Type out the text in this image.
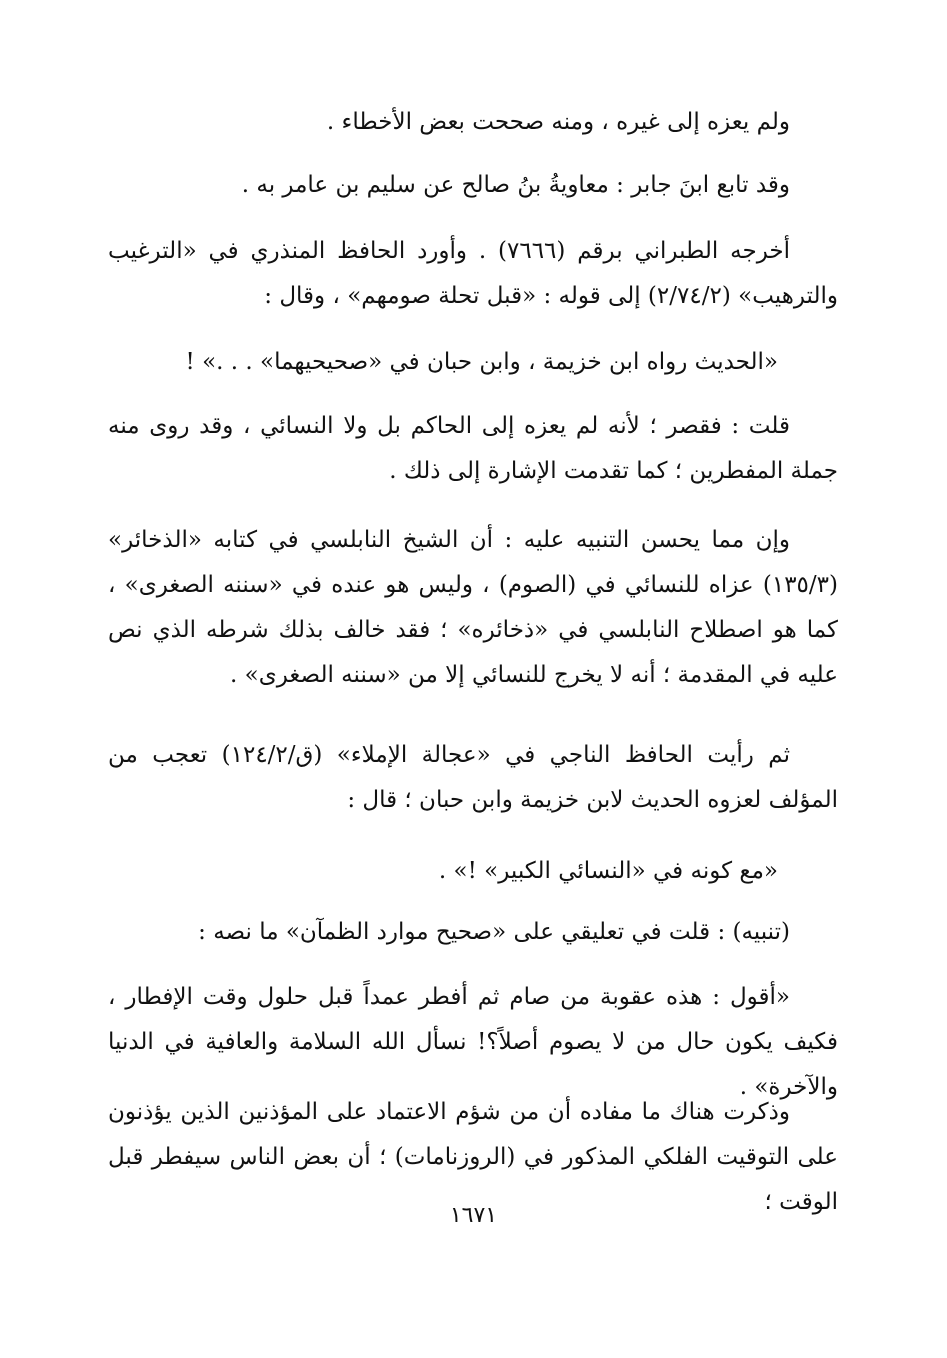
ولم يعزه إلى غيره ، ومنه صححت بعض الأخطاء .

وقد تابع ابنَ جابر : معاويةُ بنُ صالح عن سليم بن عامر به .

أخرجه الطبراني برقم (٧٦٦٦) . وأورد الحافظ المنذري في «الترغيب والترهيب» (٢/٧٤/٢) إلى قوله : «قبل تحلة صومهم» ، وقال :

«الحديث رواه ابن خزيمة ، وابن حبان في «صحيحيهما» . . .» !

قلت : فقصر ؛ لأنه لم يعزه إلى الحاكم بل ولا النسائي ، وقد روى منه جملة المفطرين ؛ كما تقدمت الإشارة إلى ذلك .

وإن مما يحسن التنبيه عليه : أن الشيخ النابلسي في كتابه «الذخائر» (١٣٥/٣) عزاه للنسائي في (الصوم) ، وليس هو عنده في «سننه الصغرى» ، كما هو اصطلاح النابلسي في «ذخائره» ؛ فقد خالف بذلك شرطه الذي نص عليه في المقدمة ؛ أنه لا يخرج للنسائي إلا من «سننه الصغرى» .

ثم رأيت الحافظ الناجي في «عجالة الإملاء» (ق/١٢٤/٢) تعجب من المؤلف لعزوه الحديث لابن خزيمة وابن حبان ؛ قال :

«مع كونه في «النسائي الكبير» !» .

(تنبيه) : قلت في تعليقي على «صحيح موارد الظمآن» ما نصه :

«أقول : هذه عقوبة من صام ثم أفطر عمداً قبل حلول وقت الإفطار ، فكيف يكون حال من لا يصوم أصلاً؟! نسأل الله السلامة والعافية في الدنيا والآخرة» .

وذكرت هناك ما مفاده أن من شؤم الاعتماد على المؤذنين الذين يؤذنون على التوقيت الفلكي المذكور في (الروزنامات) ؛ أن بعض الناس سيفطر قبل الوقت ؛

١٦٧١
